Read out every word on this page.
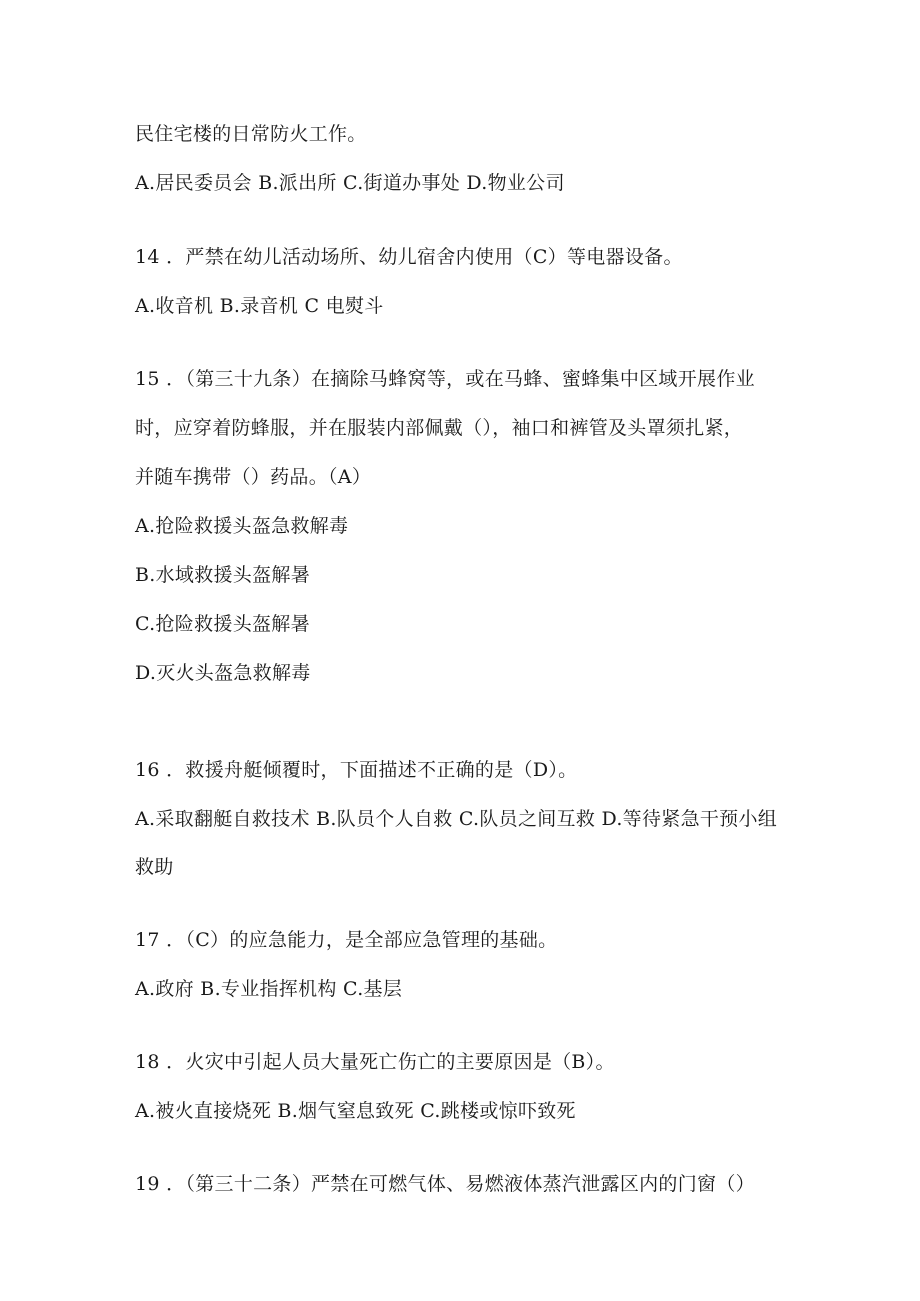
民住宅楼的日常防火工作。
A.居民委员会 B.派出所 C.街道办事处 D.物业公司
14 ．严禁在幼儿活动场所、幼儿宿舍内使用（C）等电器设备。
A.收音机 B.录音机 C 电熨斗
15 ．（第三十九条）在摘除马蜂窝等，或在马蜂、蜜蜂集中区域开展作业
时，应穿着防蜂服，并在服装内部佩戴（），袖口和裤管及头罩须扎紧，
并随车携带（）药品。（A）
A.抢险救援头盔急救解毒
B.水域救援头盔解暑
C.抢险救援头盔解暑
D.灭火头盔急救解毒
16 ．救援舟艇倾覆时，下面描述不正确的是（D）。
A.采取翻艇自救技术 B.队员个人自救 C.队员之间互救 D.等待紧急干预小组
救助
17 ．（C）的应急能力，是全部应急管理的基础。
A.政府 B.专业指挥机构 C.基层
18 ．火灾中引起人员大量死亡伤亡的主要原因是（B）。
A.被火直接烧死 B.烟气窒息致死 C.跳楼或惊吓致死
19 ．（第三十二条）严禁在可燃气体、易燃液体蒸汽泄露区内的门窗（）
